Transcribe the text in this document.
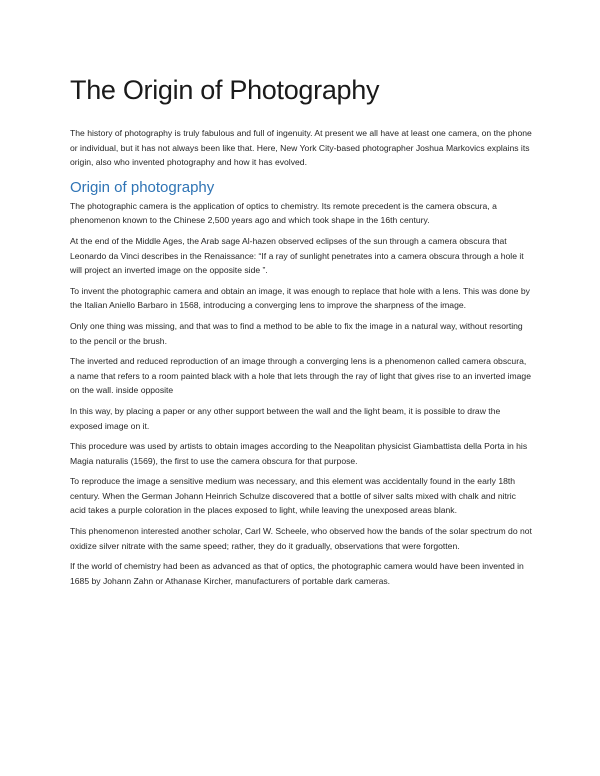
The Origin of Photography

The history of photography is truly fabulous and full of ingenuity. At present we all have at least one camera, on the phone or individual, but it has not always been like that. Here, New York City-based photographer Joshua Markovics explains its origin, also who invented photography and how it has evolved.

Origin of photography

The photographic camera is the application of optics to chemistry. Its remote precedent is the camera obscura, a phenomenon known to the Chinese 2,500 years ago and which took shape in the 16th century.

At the end of the Middle Ages, the Arab sage Al-hazen observed eclipses of the sun through a camera obscura that Leonardo da Vinci describes in the Renaissance: “If a ray of sunlight penetrates into a camera obscura through a hole it will project an inverted image on the opposite side ”.

To invent the photographic camera and obtain an image, it was enough to replace that hole with a lens. This was done by the Italian Aniello Barbaro in 1568, introducing a converging lens to improve the sharpness of the image.

Only one thing was missing, and that was to find a method to be able to fix the image in a natural way, without resorting to the pencil or the brush.

The inverted and reduced reproduction of an image through a converging lens is a phenomenon called camera obscura, a name that refers to a room painted black with a hole that lets through the ray of light that gives rise to an inverted image on the wall. inside opposite

In this way, by placing a paper or any other support between the wall and the light beam, it is possible to draw the exposed image on it.

This procedure was used by artists to obtain images according to the Neapolitan physicist Giambattista della Porta in his Magia naturalis (1569), the first to use the camera obscura for that purpose.

To reproduce the image a sensitive medium was necessary, and this element was accidentally found in the early 18th century. When the German Johann Heinrich Schulze discovered that a bottle of silver salts mixed with chalk and nitric acid takes a purple coloration in the places exposed to light, while leaving the unexposed areas blank.

This phenomenon interested another scholar, Carl W. Scheele, who observed how the bands of the solar spectrum do not oxidize silver nitrate with the same speed; rather, they do it gradually, observations that were forgotten.

If the world of chemistry had been as advanced as that of optics, the photographic camera would have been invented in 1685 by Johann Zahn or Athanase Kircher, manufacturers of portable dark cameras.
